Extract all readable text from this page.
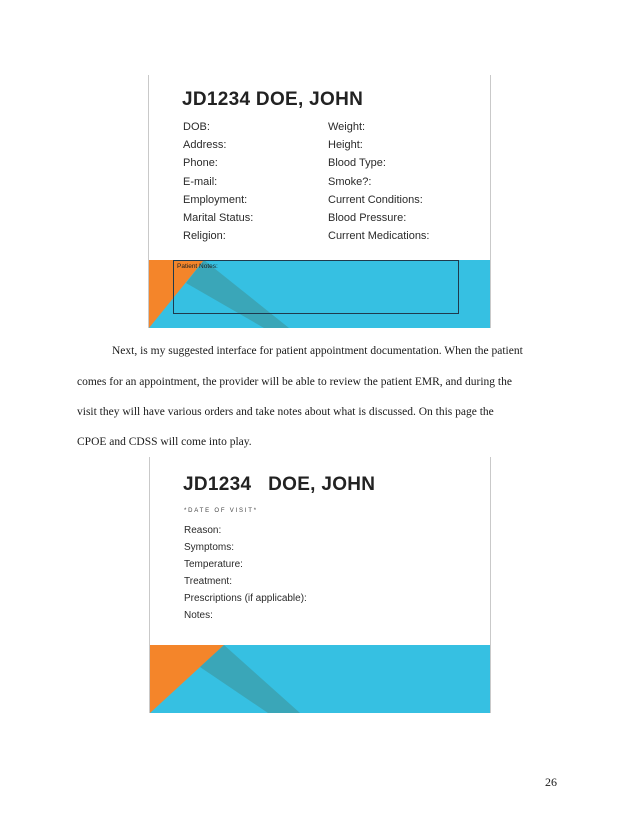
JD1234 DOE, JOHN
DOB:
Address:
Phone:
E-mail:
Employment:
Marital Status:
Religion:
Weight:
Height:
Blood Type:
Smoke?:
Current Conditions:
Blood Pressure:
Current Medications:
Patient Notes:
Next, is my suggested interface for patient appointment documentation. When the patient
comes for an appointment, the provider will be able to review the patient EMR, and during the
visit they will have various orders and take notes about what is discussed. On this page the
CPOE and CDSS will come into play.
JD1234   DOE, JOHN
*DATE OF VISIT*
Reason:
Symptoms:
Temperature:
Treatment:
Prescriptions (if applicable):
Notes:
26
